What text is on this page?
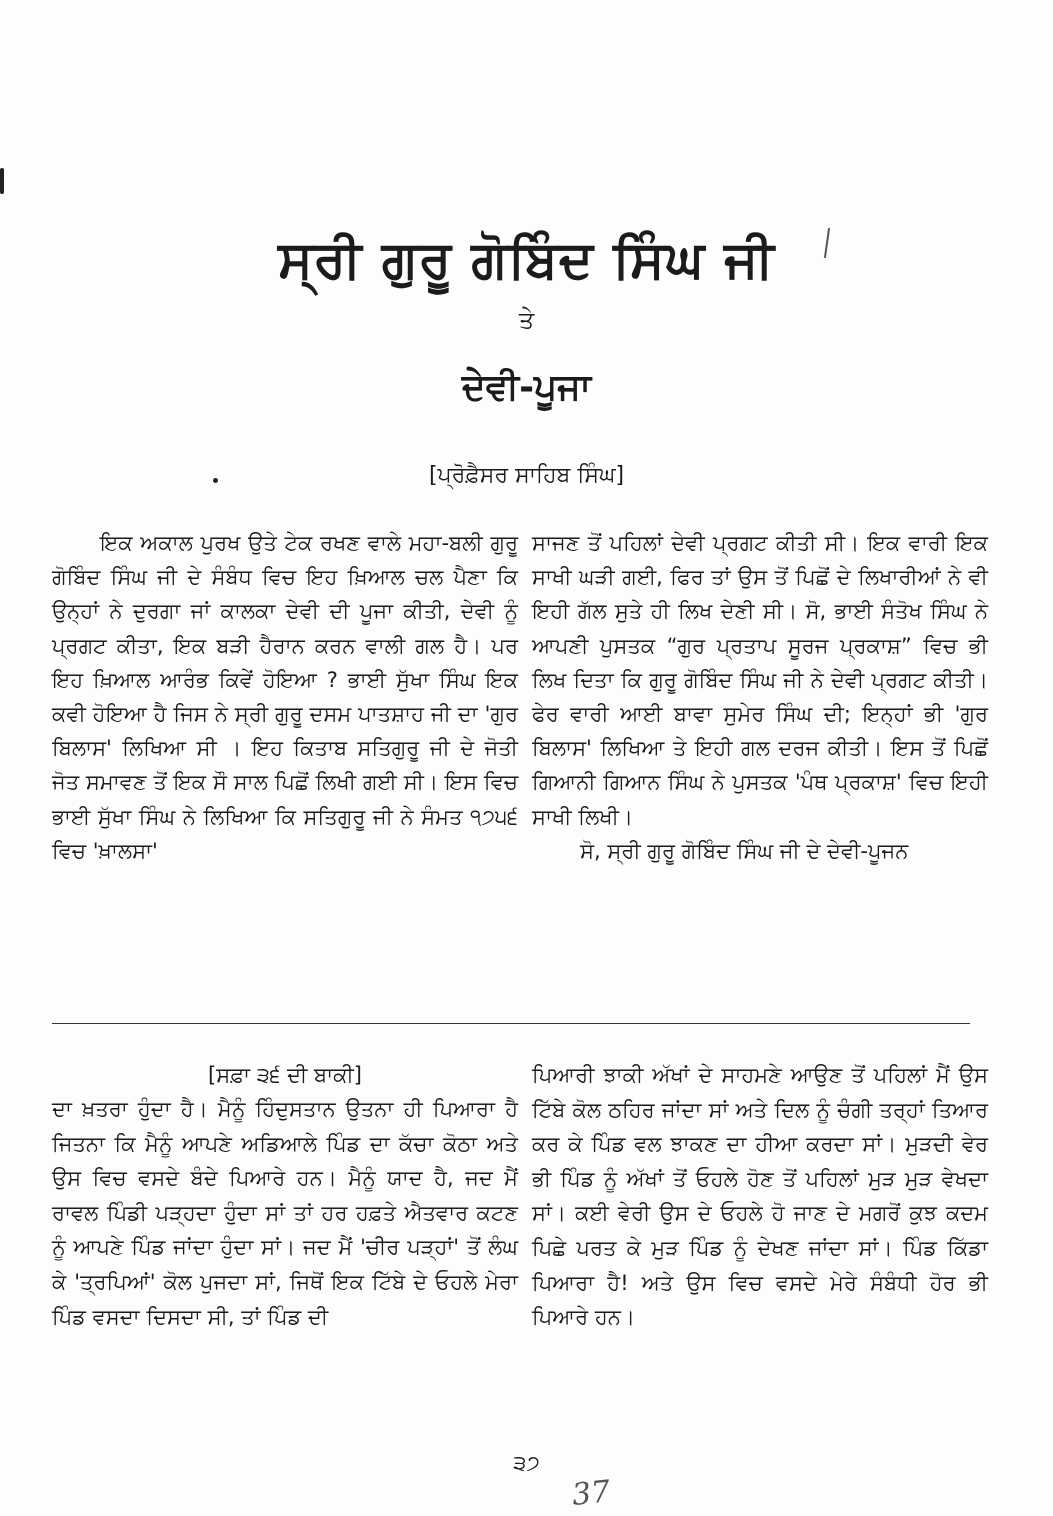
ਸ੍ਰੀ ਗੁਰੂ ਗੋਬਿੰਦ ਸਿੰਘ ਜੀ
ਤੇ
ਦੇਵੀ-ਪੂਜਾ
[ਪ੍ਰੋਫ਼ੈਸਰ ਸਾਹਿਬ ਸਿੰਘ]

ਇਕ ਅਕਾਲ ਪੁਰਖ ਉਤੇ ਟੇਕ ਰਖਣ ਵਾਲੇ ਮਹਾ-ਬਲੀ ਗੁਰੂ ਗੋਬਿੰਦ ਸਿੰਘ ਜੀ ਦੇ ਸੰਬੰਧ ਵਿਚ ਇਹ ਖ਼ਿਆਲ ਚਲ ਪੈਣਾ ਕਿ ਉਨ੍ਹਾਂ ਨੇ ਦੁਰਗਾ ਜਾਂ ਕਾਲਕਾ ਦੇਵੀ ਦੀ ਪੂਜਾ ਕੀਤੀ, ਦੇਵੀ ਨੂੰ ਪ੍ਰਗਟ ਕੀਤਾ, ਇਕ ਬੜੀ ਹੈਰਾਨ ਕਰਨ ਵਾਲੀ ਗਲ ਹੈ। ਪਰ ਇਹ ਖ਼ਿਆਲ ਆਰੰਭ ਕਿਵੇਂ ਹੋਇਆ ? ਭਾਈ ਸੁੱਖਾ ਸਿੰਘ ਇਕ ਕਵੀ ਹੋਇਆ ਹੈ ਜਿਸ ਨੇ ਸ੍ਰੀ ਗੁਰੂ ਦਸਮ ਪਾਤਸ਼ਾਹ ਜੀ ਦਾ 'ਗੁਰ ਬਿਲਾਸ' ਲਿਖਿਆ ਸੀ । ਇਹ ਕਿਤਾਬ ਸਤਿਗੁਰੂ ਜੀ ਦੇ ਜੋਤੀ ਜੋਤ ਸਮਾਵਣ ਤੋਂ ਇਕ ਸੌ ਸਾਲ ਪਿਛੋਂ ਲਿਖੀ ਗਈ ਸੀ। ਇਸ ਵਿਚ ਭਾਈ ਸੁੱਖਾ ਸਿੰਘ ਨੇ ਲਿਖਿਆ ਕਿ ਸਤਿਗੁਰੂ ਜੀ ਨੇ ਸੰਮਤ ੧੭੫੬ ਵਿਚ 'ਖ਼ਾਲਸਾ'

ਸਾਜਣ ਤੋਂ ਪਹਿਲਾਂ ਦੇਵੀ ਪ੍ਰਗਟ ਕੀਤੀ ਸੀ। ਇਕ ਵਾਰੀ ਇਕ ਸਾਖੀ ਘੜੀ ਗਈ, ਫਿਰ ਤਾਂ ਉਸ ਤੋਂ ਪਿਛੋਂ ਦੇ ਲਿਖਾਰੀਆਂ ਨੇ ਵੀ ਇਹੀ ਗੱਲ ਸੁਤੇ ਹੀ ਲਿਖ ਦੇਣੀ ਸੀ। ਸੋ, ਭਾਈ ਸੰਤੋਖ ਸਿੰਘ ਨੇ ਆਪਣੀ ਪੁਸਤਕ “ਗੁਰ ਪ੍ਰਤਾਪ ਸੂਰਜ ਪ੍ਰਕਾਸ਼” ਵਿਚ ਭੀ ਲਿਖ ਦਿਤਾ ਕਿ ਗੁਰੂ ਗੋਬਿੰਦ ਸਿੰਘ ਜੀ ਨੇ ਦੇਵੀ ਪ੍ਰਗਟ ਕੀਤੀ। ਫੇਰ ਵਾਰੀ ਆਈ ਬਾਵਾ ਸੁਮੇਰ ਸਿੰਘ ਦੀ; ਇਨ੍ਹਾਂ ਭੀ 'ਗੁਰ ਬਿਲਾਸ' ਲਿਖਿਆ ਤੇ ਇਹੀ ਗਲ ਦਰਜ ਕੀਤੀ। ਇਸ ਤੋਂ ਪਿਛੋਂ ਗਿਆਨੀ ਗਿਆਨ ਸਿੰਘ ਨੇ ਪੁਸਤਕ 'ਪੰਥ ਪ੍ਰਕਾਸ਼' ਵਿਚ ਇਹੀ ਸਾਖੀ ਲਿਖੀ।

ਸੋ, ਸ੍ਰੀ ਗੁਰੂ ਗੋਬਿੰਦ ਸਿੰਘ ਜੀ ਦੇ ਦੇਵੀ-ਪੂਜਨ

[ਸਫ਼ਾ ੩੬ ਦੀ ਬਾਕੀ]

ਦਾ ਖ਼ਤਰਾ ਹੁੰਦਾ ਹੈ। ਮੈਨੂੰ ਹਿੰਦੁਸਤਾਨ ਉਤਨਾ ਹੀ ਪਿਆਰਾ ਹੈ ਜਿਤਨਾ ਕਿ ਮੈਨੂੰ ਆਪਣੇ ਅਡਿਆਲੇ ਪਿੰਡ ਦਾ ਕੱਚਾ ਕੋਠਾ ਅਤੇ ਉਸ ਵਿਚ ਵਸਦੇ ਬੰਦੇ ਪਿਆਰੇ ਹਨ। ਮੈਨੂੰ ਯਾਦ ਹੈ, ਜਦ ਮੈਂ ਰਾਵਲ ਪਿੰਡੀ ਪੜ੍ਹਦਾ ਹੁੰਦਾ ਸਾਂ ਤਾਂ ਹਰ ਹਫ਼ਤੇ ਐਤਵਾਰ ਕਟਣ ਨੂੰ ਆਪਣੇ ਪਿੰਡ ਜਾਂਦਾ ਹੁੰਦਾ ਸਾਂ। ਜਦ ਮੈਂ 'ਚੀਰ ਪੜ੍ਹਾਂ' ਤੋਂ ਲੰਘ ਕੇ 'ਤ੍ਰਪਿਆਂ' ਕੋਲ ਪੁਜਦਾ ਸਾਂ, ਜਿਥੋਂ ਇਕ ਟਿੱਬੇ ਦੇ ਓਹਲੇ ਮੇਰਾ ਪਿੰਡ ਵਸਦਾ ਦਿਸਦਾ ਸੀ, ਤਾਂ ਪਿੰਡ ਦੀ

ਪਿਆਰੀ ਝਾਕੀ ਅੱਖਾਂ ਦੇ ਸਾਹਮਣੇ ਆਉਣ ਤੋਂ ਪਹਿਲਾਂ ਮੈਂ ਉਸ ਟਿੱਬੇ ਕੋਲ ਠਹਿਰ ਜਾਂਦਾ ਸਾਂ ਅਤੇ ਦਿਲ ਨੂੰ ਚੰਗੀ ਤਰ੍ਹਾਂ ਤਿਆਰ ਕਰ ਕੇ ਪਿੰਡ ਵਲ ਝਾਕਣ ਦਾ ਹੀਆ ਕਰਦਾ ਸਾਂ। ਮੁੜਦੀ ਵੇਰ ਭੀ ਪਿੰਡ ਨੂੰ ਅੱਖਾਂ ਤੋਂ ਓਹਲੇ ਹੋਣ ਤੋਂ ਪਹਿਲਾਂ ਮੁੜ ਮੁੜ ਵੇਖਦਾ ਸਾਂ। ਕਈ ਵੇਰੀ ਉਸ ਦੇ ਓਹਲੇ ਹੋ ਜਾਣ ਦੇ ਮਗਰੋਂ ਕੁਝ ਕਦਮ ਪਿਛੇ ਪਰਤ ਕੇ ਮੁੜ ਪਿੰਡ ਨੂੰ ਦੇਖਣ ਜਾਂਦਾ ਸਾਂ। ਪਿੰਡ ਕਿੱਡਾ ਪਿਆਰਾ ਹੈ! ਅਤੇ ਉਸ ਵਿਚ ਵਸਦੇ ਮੇਰੇ ਸੰਬੰਧੀ ਹੋਰ ਭੀ ਪਿਆਰੇ ਹਨ।

੩੭
37
